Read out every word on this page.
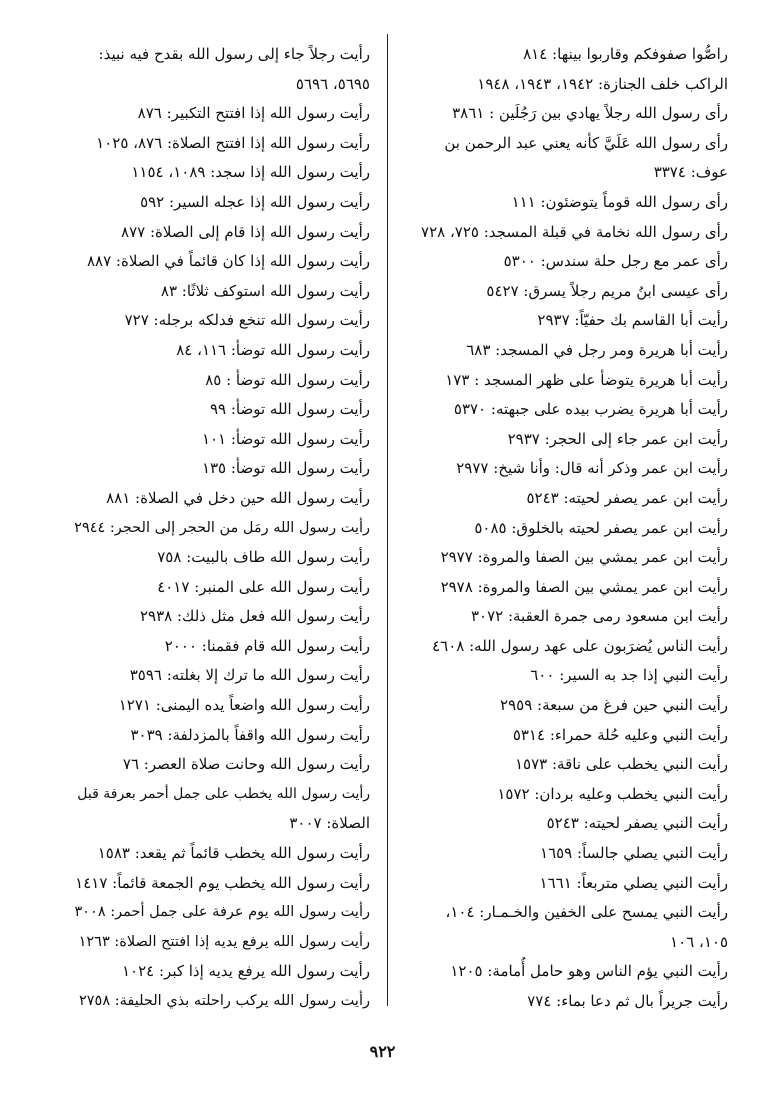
راصُّوا صفوفكم وقاربوا بينها: ٨١٤
الراكب خلف الجنازة: ١٩٤٢، ١٩٤٣، ١٩٤٨
رأى رسول الله رجلاً يهادي بين رَجُلَين : ٣٨٦١
رأى رسول الله عَلَيَّ كأنه يعني عبد الرحمن بن
عوف: ٣٣٧٤
رأى رسول الله قوماً يتوضئون: ١١١
رأى رسول الله نخامة في قبلة المسجد: ٧٢٥، ٧٢٨
رأى عمر مع رجل حلة سندس: ٥٣٠٠
رأى عيسى ابنُ مريم رجلاً يسرق: ٥٤٢٧
رأيت أبا القاسم بك حفيّاً: ٢٩٣٧
رأيت أبا هريرة ومر رجل في المسجد: ٦٨٣
رأيت أبا هريرة يتوضأ على ظهر المسجد : ١٧٣
رأيت أبا هريرة يضرب بيده على جبهته: ٥٣٧٠
رأيت ابن عمر جاء إلى الحجر: ٢٩٣٧
رأيت ابن عمر وذكر أنه قال: وأنا شيخ: ٢٩٧٧
رأيت ابن عمر يصفر لحيته: ٥٢٤٣
رأيت ابن عمر يصفر لحيته بالخلوق: ٥٠٨٥
رأيت ابن عمر يمشي بين الصفا والمروة: ٢٩٧٧
رأيت ابن عمر يمشي بين الصفا والمروة: ٢٩٧٨
رأيت ابن مسعود رمى جمرة العقبة: ٣٠٧٢
رأيت الناس يُضرَبون على عهد رسول الله: ٤٦٠٨
رأيت النبي إذا جد به السير: ٦٠٠
رأيت النبي حين فرغ من سبعة: ٢٩٥٩
رأيت النبي وعليه حُلة حمراء: ٥٣١٤
رأيت النبي يخطب على ناقة: ١٥٧٣
رأيت النبي يخطب وعليه بردان: ١٥٧٢
رأيت النبي يصفر لحيته: ٥٢٤٣
رأيت النبي يصلي جالساً: ١٦٥٩
رأيت النبي يصلي متربعاً: ١٦٦١
رأيت النبي يمسح على الخفين والخـمـار: ١٠٤،
١٠٥، ١٠٦
رأيت النبي يؤم الناس وهو حامل أُمامة: ١٢٠٥
رأيت جريراً بال ثم دعا بماء: ٧٧٤
رأيت رجلاً جاء إلى رسول الله بقدح فيه نبيذ:
٥٦٩٥، ٥٦٩٦
رأيت رسول الله إذا افتتح التكبير: ٨٧٦
رأيت رسول الله إذا افتتح الصلاة: ٨٧٦، ١٠٢٥
رأيت رسول الله إذا سجد: ١٠٨٩، ١١٥٤
رأيت رسول الله إذا عجله السير: ٥٩٢
رأيت رسول الله إذا قام إلى الصلاة: ٨٧٧
رأيت رسول الله إذا كان قائماً في الصلاة: ٨٨٧
رأيت رسول الله استوكف ثلاثًا: ٨٣
رأيت رسول الله تنخع فدلكه برجله: ٧٢٧
رأيت رسول الله توضأ: ١١٦، ٨٤
رأيت رسول الله توضأ : ٨٥
رأيت رسول الله توضأ: ٩٩
رأيت رسول الله توضأ: ١٠١
رأيت رسول الله توضأ: ١٣٥
رأيت رسول الله حين دخل في الصلاة: ٨٨١
رأيت رسول الله رمَل من الحجر إلى الحجر: ٢٩٤٤
رأيت رسول الله طاف بالبيت: ٧٥٨
رأيت رسول الله على المنبر: ٤٠١٧
رأيت رسول الله فعل مثل ذلك: ٢٩٣٨
رأيت رسول الله قام فقمنا: ٢٠٠٠
رأيت رسول الله ما ترك إلا بغلته: ٣٥٩٦
رأيت رسول الله واضعاً يده اليمنى: ١٢٧١
رأيت رسول الله واقفاً بالمزدلفة: ٣٠٣٩
رأيت رسول الله وحانت صلاة العصر: ٧٦
رأيت رسول الله يخطب على جمل أحمر بعرفة قبل
الصلاة: ٣٠٠٧
رأيت رسول الله يخطب قائماً ثم يقعد: ١٥٨٣
رأيت رسول الله يخطب يوم الجمعة قائماً: ١٤١٧
رأيت رسول الله يوم عرفة على جمل أحمر: ٣٠٠٨
رأيت رسول الله يرفع يديه إذا افتتح الصلاة: ١٢٦٣
رأيت رسول الله يرفع يديه إذا كبر: ١٠٢٤
رأيت رسول الله يركب راحلته بذي الحليفة: ٢٧٥٨
٩٢٢
